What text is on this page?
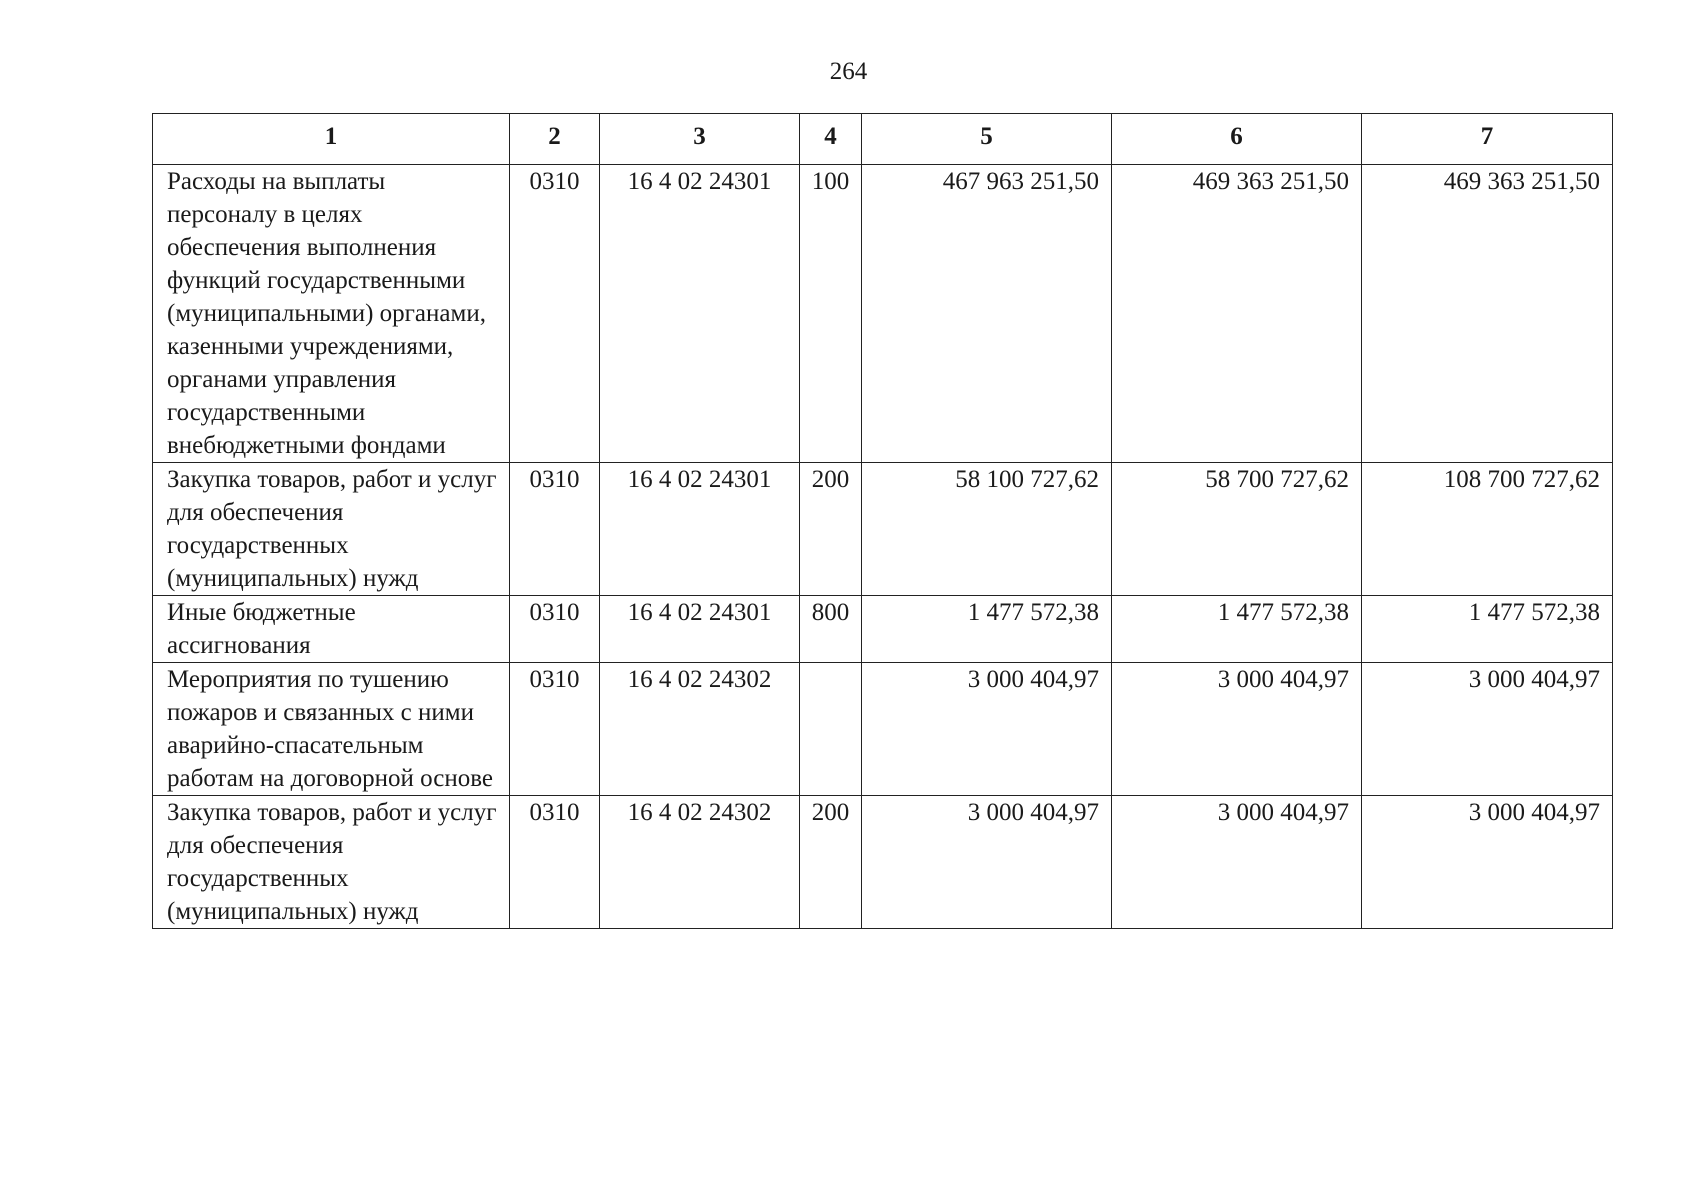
264
1	2	3	4	5	6	7
Расходы на выплаты персоналу в целях обеспечения выполнения функций государственными (муниципальными) органами, казенными учреждениями, органами управления государственными внебюджетными фондами	0310	16 4 02 24301	100	467 963 251,50	469 363 251,50	469 363 251,50
Закупка товаров, работ и услуг для обеспечения государственных (муниципальных) нужд	0310	16 4 02 24301	200	58 100 727,62	58 700 727,62	108 700 727,62
Иные бюджетные ассигнования	0310	16 4 02 24301	800	1 477 572,38	1 477 572,38	1 477 572,38
Мероприятия по тушению пожаров и связанных с ними аварийно-спасательным работам на договорной основе	0310	16 4 02 24302		3 000 404,97	3 000 404,97	3 000 404,97
Закупка товаров, работ и услуг для обеспечения государственных (муниципальных) нужд	0310	16 4 02 24302	200	3 000 404,97	3 000 404,97	3 000 404,97
